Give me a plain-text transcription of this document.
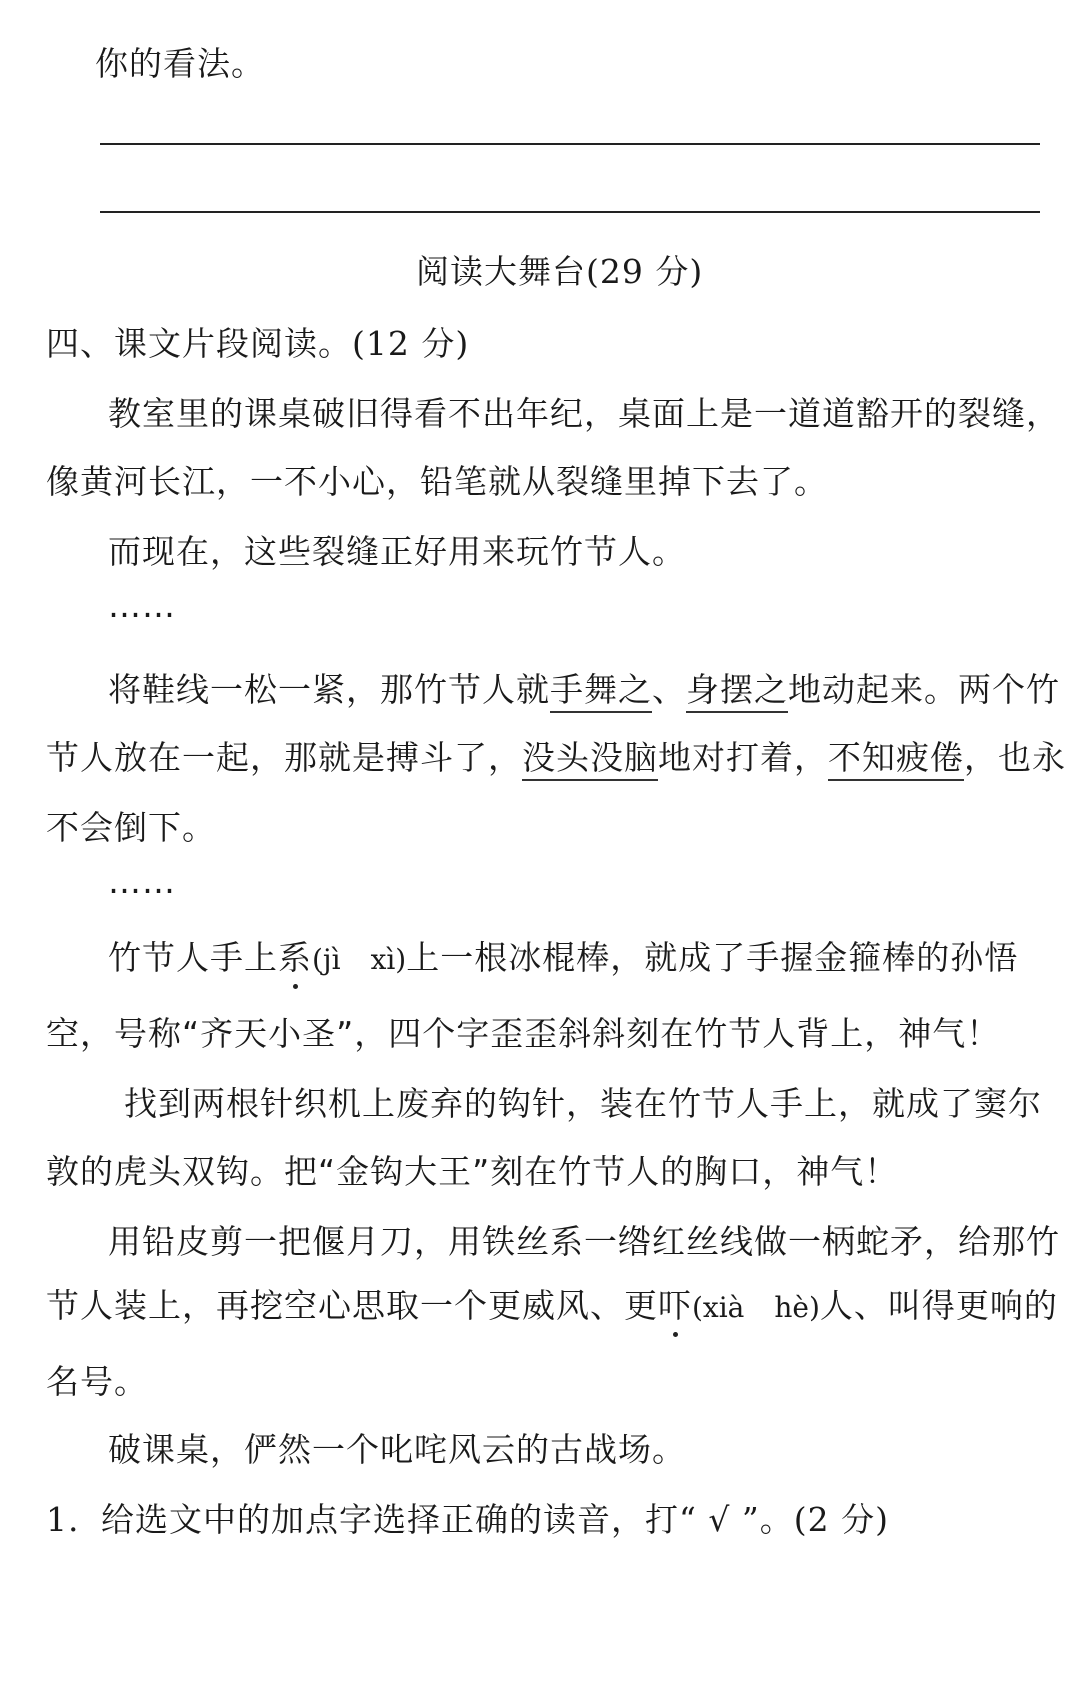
你的看法。
阅读大舞台(29 分)
四、课文片段阅读。(12 分)
教室里的课桌破旧得看不出年纪，桌面上是一道道豁开的裂缝，
像黄河长江，一不小心，铅笔就从裂缝里掉下去了。
而现在，这些裂缝正好用来玩竹节人。
……
将鞋线一松一紧，那竹节人就手舞之、身摆之地动起来。两个竹
节人放在一起，那就是搏斗了，没头没脑地对打着，不知疲倦，也永
不会倒下。
……
竹节人手上系(jì xì)上一根冰棍棒，就成了手握金箍棒的孙悟
空，号称“齐天小圣”，四个字歪歪斜斜刻在竹节人背上，神气！
找到两根针织机上废弃的钩针，装在竹节人手上，就成了窦尔
敦的虎头双钩。把“金钩大王”刻在竹节人的胸口，神气！
用铅皮剪一把偃月刀，用铁丝系一绺红丝线做一柄蛇矛，给那竹
节人装上，再挖空心思取一个更威风、更吓(xià hè)人、叫得更响的
名号。
破课桌，俨然一个叱咤风云的古战场。
1. 给选文中的加点字选择正确的读音，打“ √ ”。(2 分)
